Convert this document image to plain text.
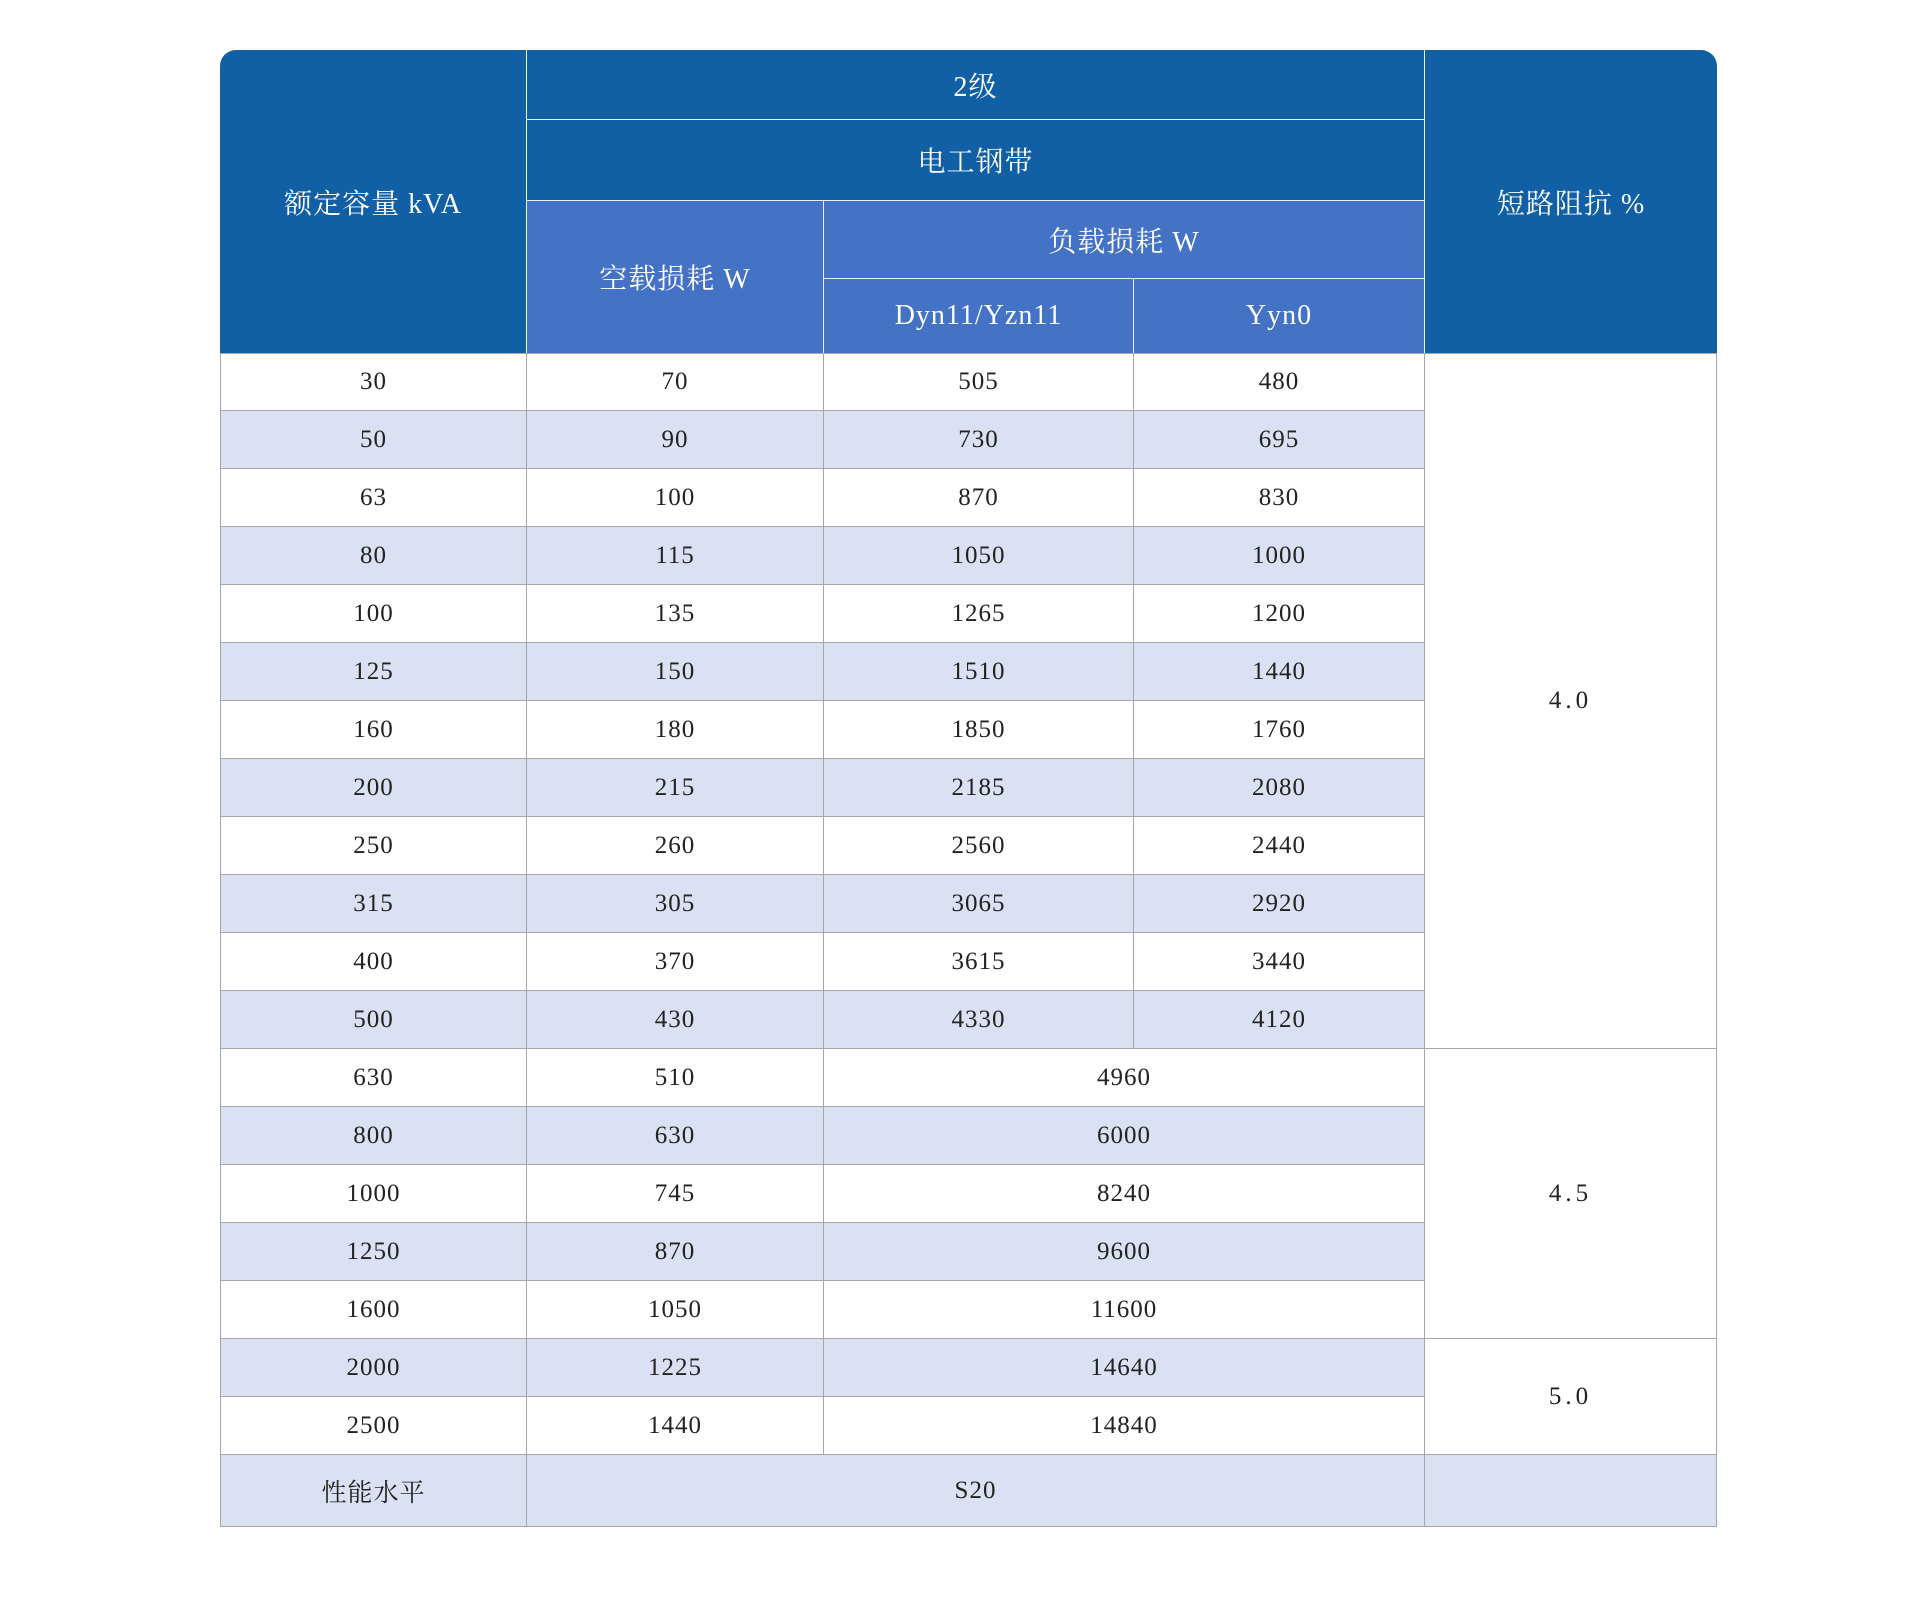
额定容量 kVA	2级			短路阻抗 %
	电工钢带			
	空载损耗 W	负载损耗 W		
		Dyn11/Yzn11	Yyn0	
30	70	505	480	4.0
50	90	730	695	
63	100	870	830	
80	115	1050	1000	
100	135	1265	1200	
125	150	1510	1440	
160	180	1850	1760	
200	215	2185	2080	
250	260	2560	2440	
315	305	3065	2920	
400	370	3615	3440	
500	430	4330	4120	
630	510	4960		4.5
800	630	6000		
1000	745	8240		
1250	870	9600		
1600	1050	11600		
2000	1225	14640		5.0
2500	1440	14840		
性能水平	S20			
